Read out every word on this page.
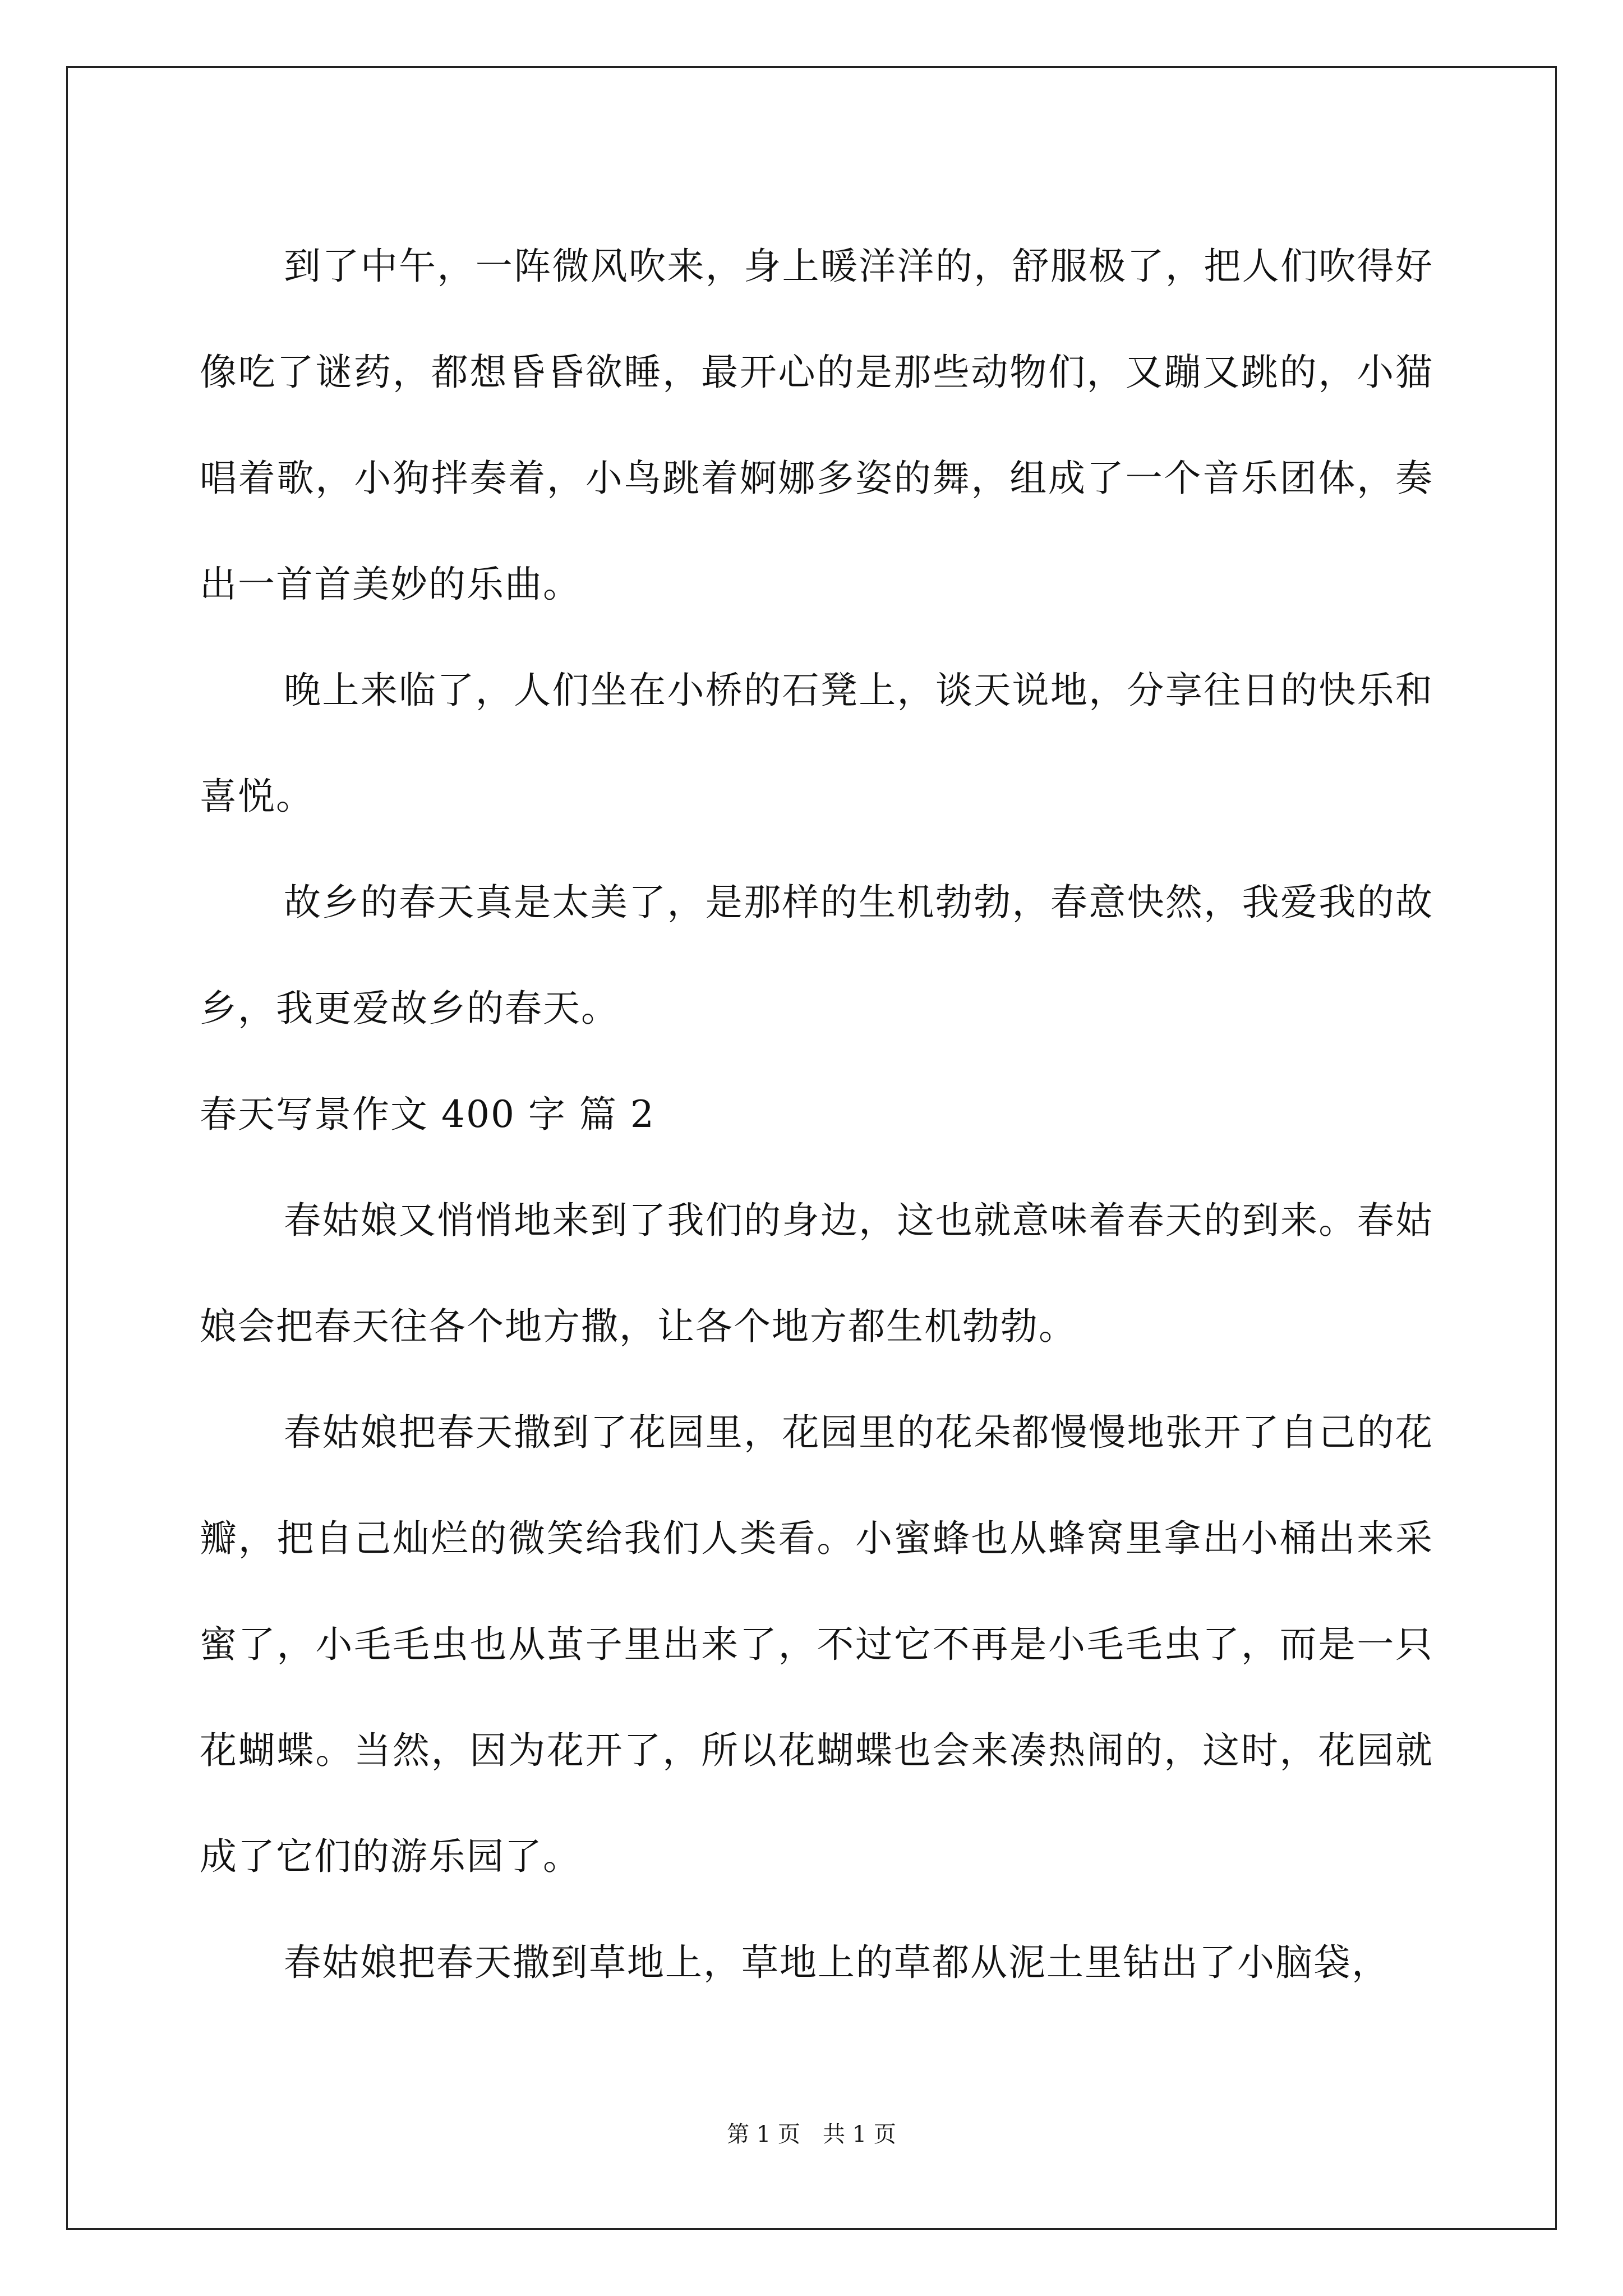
到了中午，一阵微风吹来，身上暖洋洋的，舒服极了，把人们吹得好像吃了谜药，都想昏昏欲睡，最开心的是那些动物们，又蹦又跳的，小猫唱着歌，小狗拌奏着，小鸟跳着婀娜多姿的舞，组成了一个音乐团体，奏出一首首美妙的乐曲。

晚上来临了，人们坐在小桥的石凳上，谈天说地，分享往日的快乐和喜悦。

故乡的春天真是太美了，是那样的生机勃勃，春意快然，我爱我的故乡，我更爱故乡的春天。

春天写景作文 400 字 篇 2

春姑娘又悄悄地来到了我们的身边，这也就意味着春天的到来。春姑娘会把春天往各个地方撒，让各个地方都生机勃勃。

春姑娘把春天撒到了花园里，花园里的花朵都慢慢地张开了自己的花瓣，把自己灿烂的微笑给我们人类看。小蜜蜂也从蜂窝里拿出小桶出来采蜜了，小毛毛虫也从茧子里出来了，不过它不再是小毛毛虫了，而是一只花蝴蝶。当然，因为花开了，所以花蝴蝶也会来凑热闹的，这时，花园就成了它们的游乐园了。

春姑娘把春天撒到草地上，草地上的草都从泥土里钻出了小脑袋，

第 1 页　共 1 页
